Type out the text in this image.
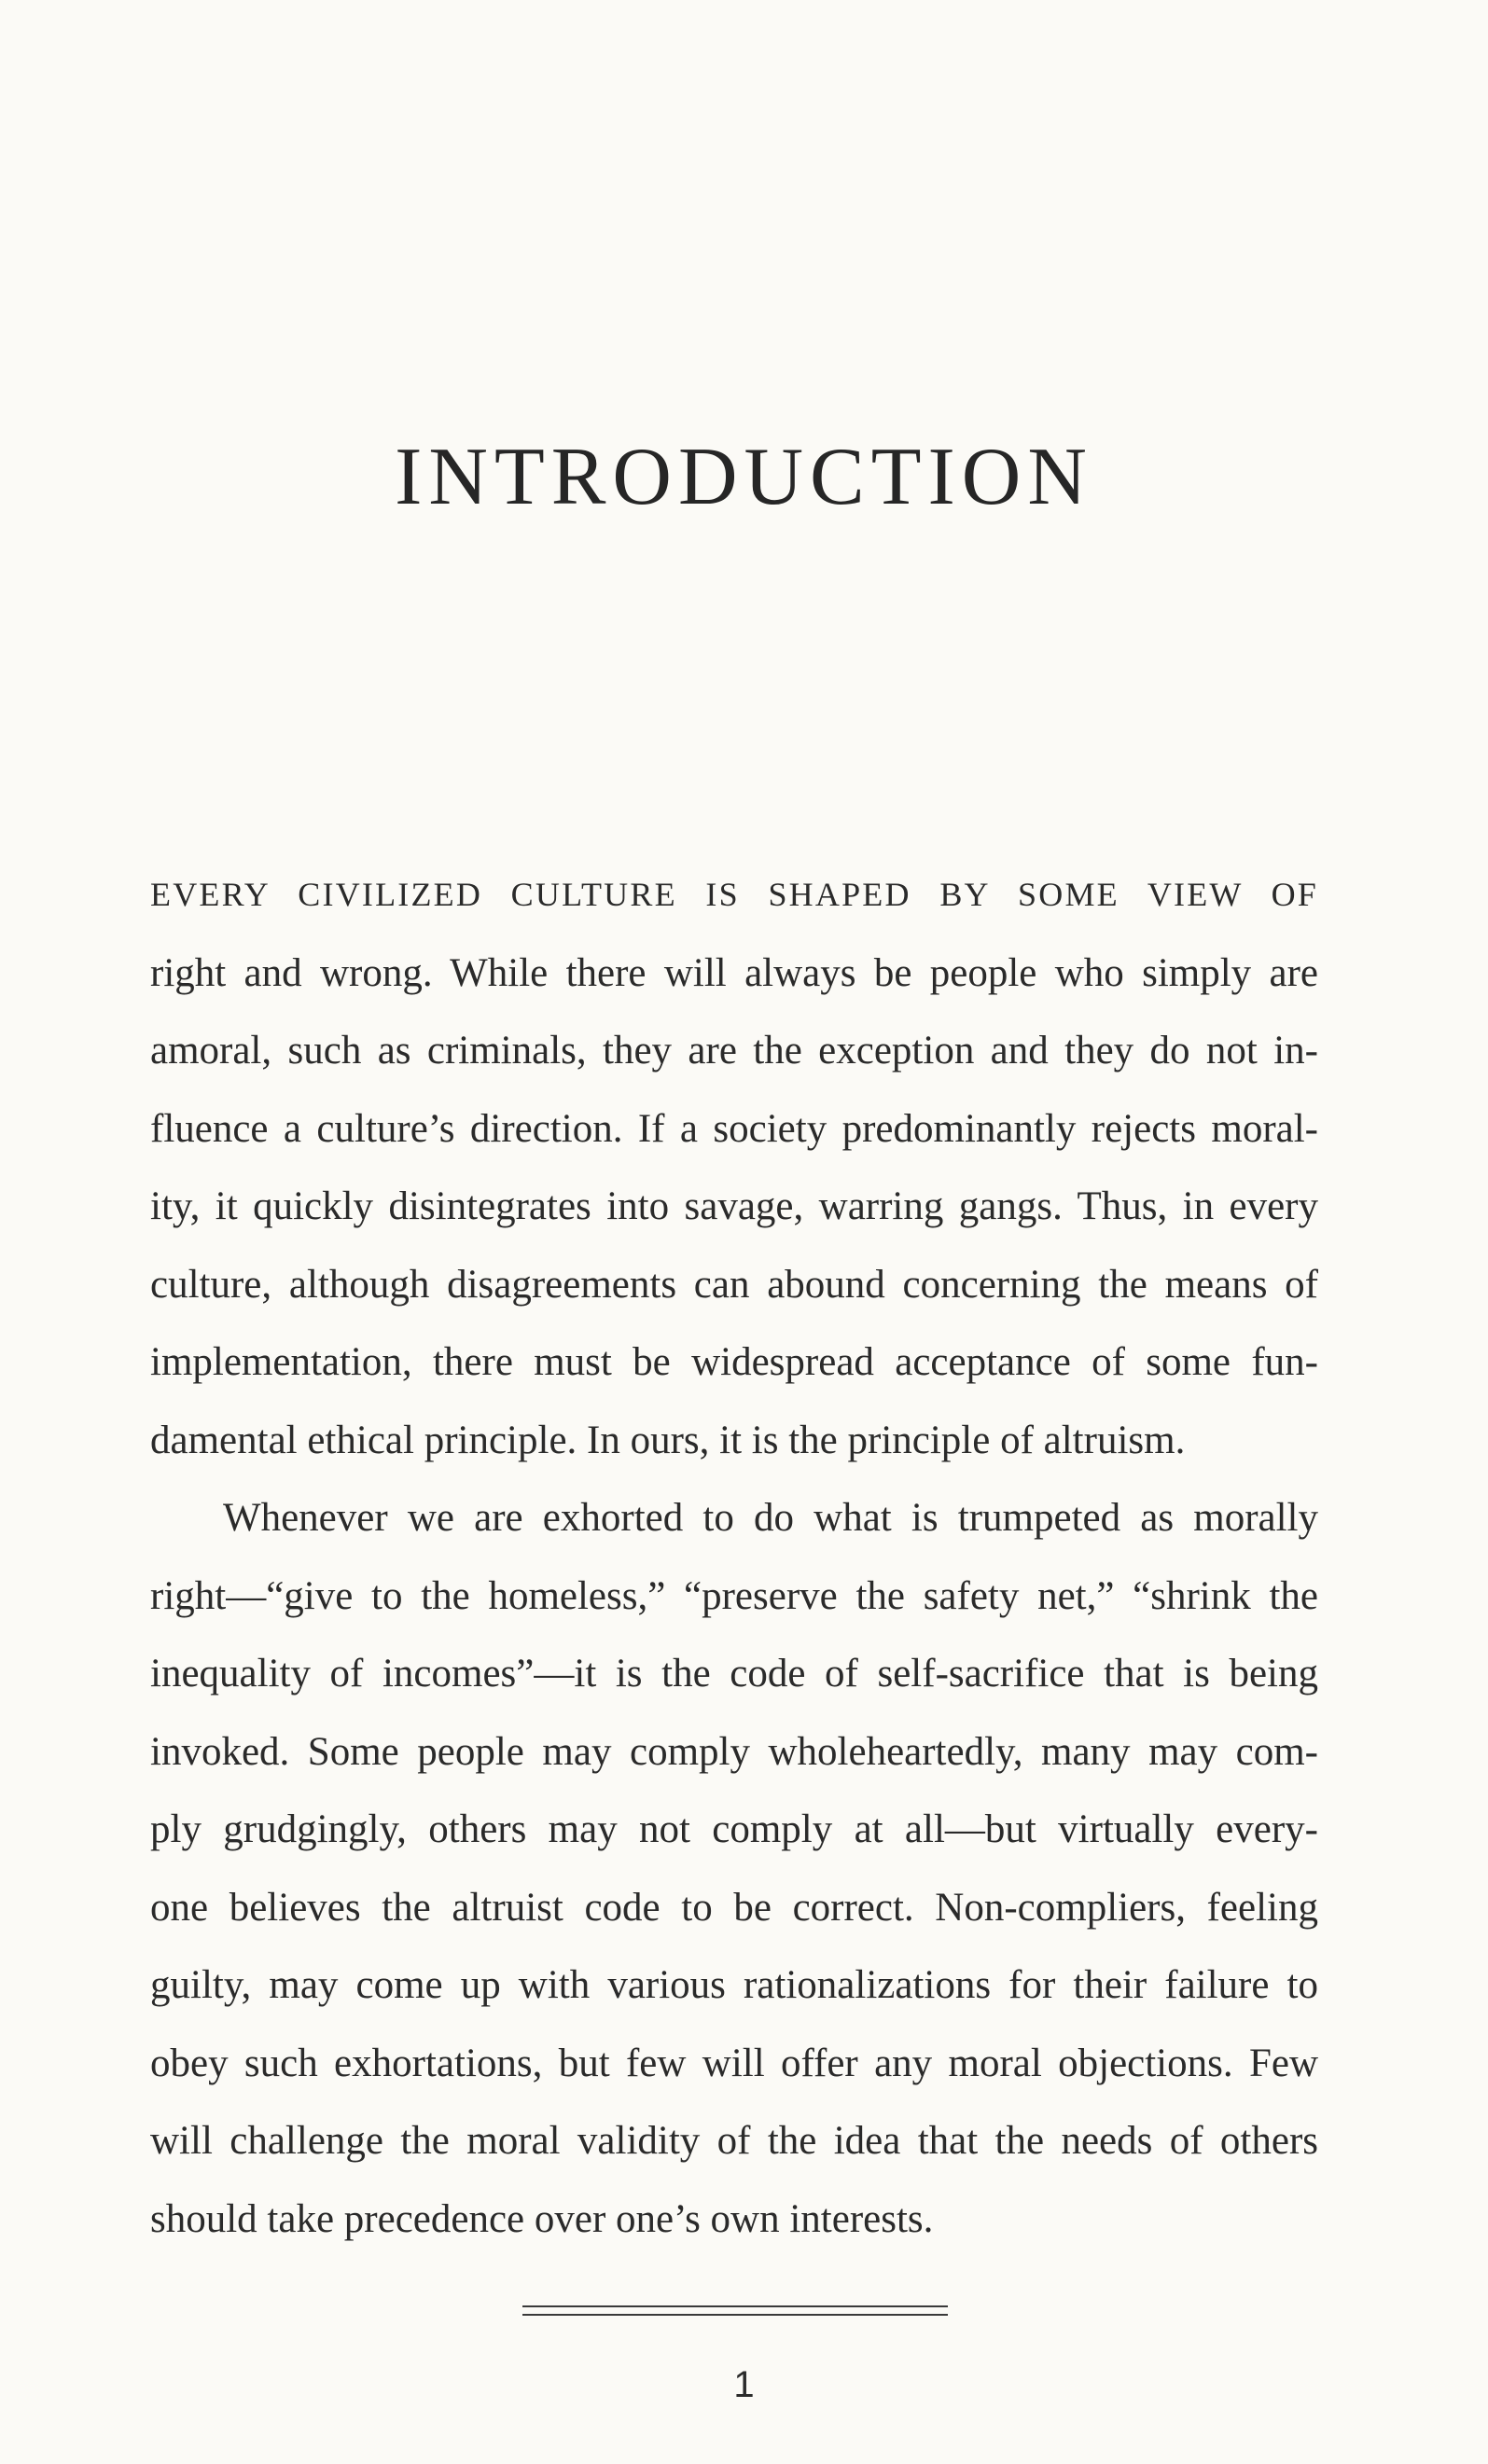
INTRODUCTION
EVERY CIVILIZED CULTURE IS SHAPED BY SOME VIEW OF
right and wrong. While there will always be people who simply are
amoral, such as criminals, they are the exception and they do not in-
fluence a culture’s direction. If a society predominantly rejects moral-
ity, it quickly disintegrates into savage, warring gangs. Thus, in every
culture, although disagreements can abound concerning the means of
implementation, there must be widespread acceptance of some fun-
damental ethical principle. In ours, it is the principle of altruism.
Whenever we are exhorted to do what is trumpeted as morally
right—“give to the homeless,” “preserve the safety net,” “shrink the
inequality of incomes”—it is the code of self-sacrifice that is being
invoked. Some people may comply wholeheartedly, many may com-
ply grudgingly, others may not comply at all—but virtually every-
one believes the altruist code to be correct. Non-compliers, feeling
guilty, may come up with various rationalizations for their failure to
obey such exhortations, but few will offer any moral objections. Few
will challenge the moral validity of the idea that the needs of others
should take precedence over one’s own interests.
1
